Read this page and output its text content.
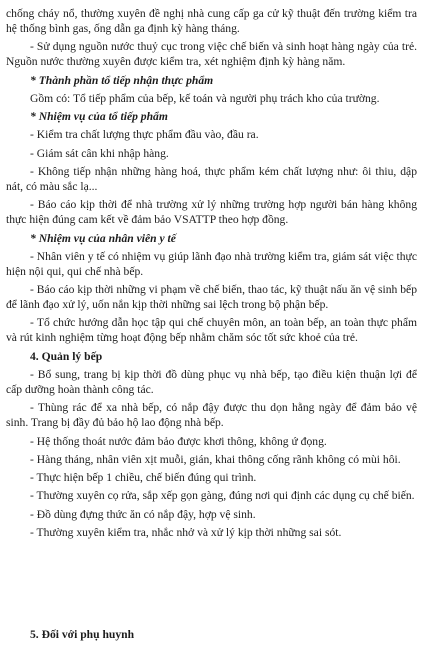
chống cháy nổ, thường xuyên đề nghị nhà cung cấp ga cử kỹ thuật đến trường kiểm tra hệ thống bình gas, ống dẫn ga định kỳ hàng tháng.

- Sử dụng nguồn nước thuỷ cục trong việc chế biến và sinh hoạt hàng ngày của trẻ. Nguồn nước thường xuyên được kiểm tra, xét nghiệm định kỳ hàng năm.

* Thành phần tổ tiếp nhận thực phẩm

Gồm có: Tổ tiếp phẩm của bếp, kế toán và người phụ trách kho của trường.

* Nhiệm vụ của tổ tiếp phẩm

- Kiểm tra chất lượng thực phẩm đầu vào, đầu ra.

- Giám sát cân khi nhập hàng.

- Không tiếp nhận những hàng hoá, thực phẩm kém chất lượng như: ôi thiu, dập nát, có màu sắc lạ...

- Báo cáo kịp thời để nhà trường xử lý những trường hợp người bán hàng không thực hiện đúng cam kết về đảm bảo VSATTP theo hợp đồng.

* Nhiệm vụ của nhân viên y tế

- Nhân viên y tế có nhiệm vụ giúp lãnh đạo nhà trường kiểm tra, giám sát việc thực hiện nội qui, qui chế nhà bếp.

- Báo cáo kịp thời những vi phạm về chế biến, thao tác, kỹ thuật nấu ăn vệ sinh bếp để lãnh đạo xử lý, uốn nắn kịp thời những sai lệch trong bộ phận bếp.

- Tổ chức hướng dẫn học tập qui chế chuyên môn, an toàn bếp, an toàn thực phẩm và rút kinh nghiệm từng hoạt động bếp nhằm chăm sóc tốt sức khoẻ của trẻ.

4. Quản lý bếp

- Bổ sung, trang bị kịp thời đồ dùng phục vụ nhà bếp, tạo điều kiện thuận lợi để cấp dưỡng hoàn thành công tác.

- Thùng rác để xa nhà bếp, có nắp đậy được thu dọn hằng ngày để đảm bảo vệ sinh. Trang bị đầy đủ bảo hộ lao động nhà bếp.

- Hệ thống thoát nước đảm bảo được khơi thông, không ứ đọng.

- Hàng tháng, nhân viên xịt muỗi, gián, khai thông cống rãnh không có mùi hôi.

- Thực hiện bếp 1 chiều, chế biến đúng qui trình.

- Thường xuyên cọ rửa, sắp xếp gọn gàng, đúng nơi qui định các dụng cụ chế biến.

- Đồ dùng đựng thức ăn có nắp đậy, hợp vệ sinh.

- Thường xuyên kiểm tra, nhắc nhở và xử lý kịp thời những sai sót.

5. Đối với phụ huynh
